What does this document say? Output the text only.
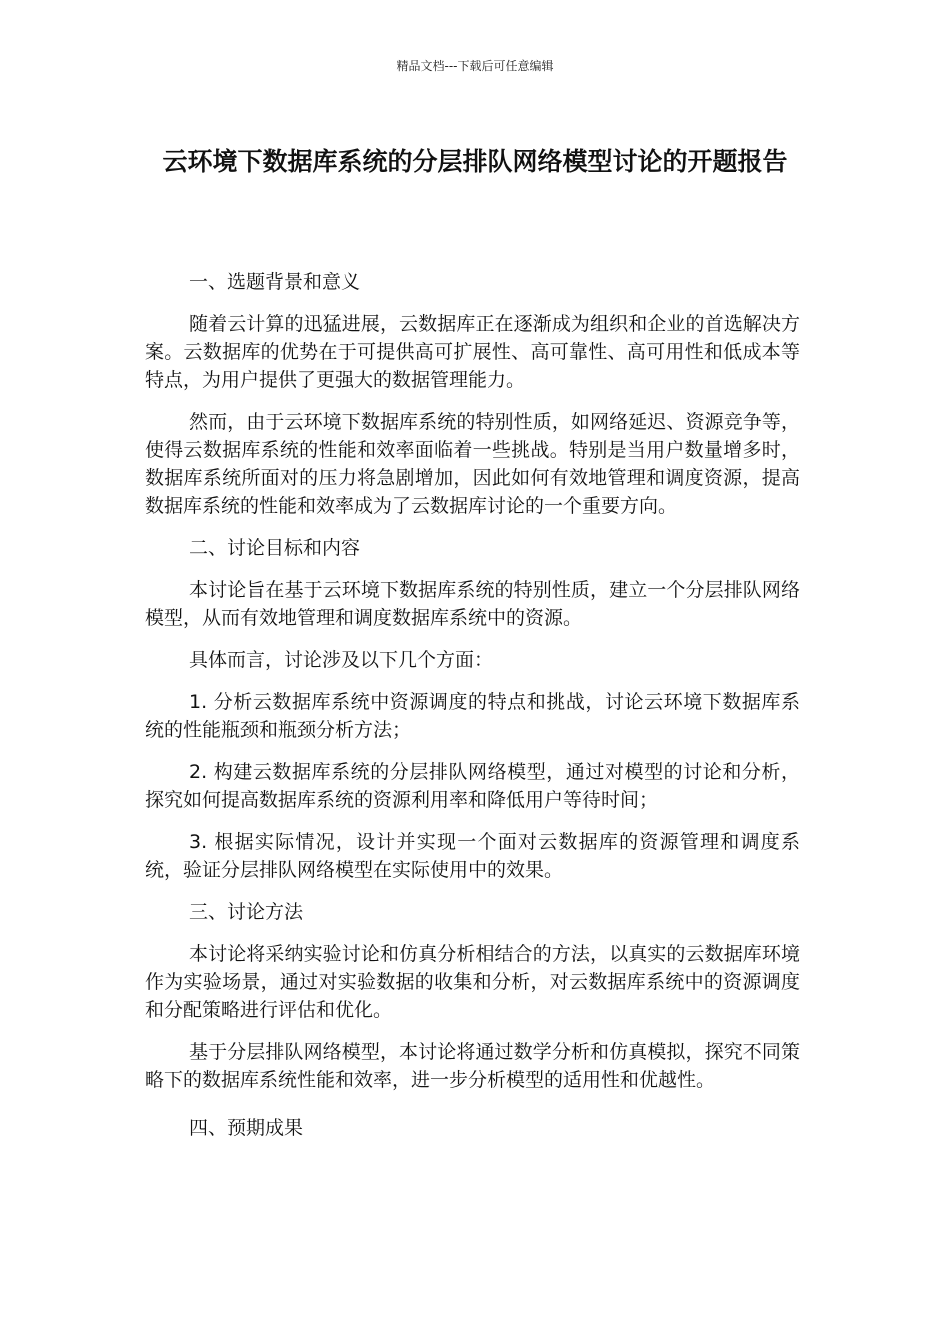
精品文档---下载后可任意编辑
云环境下数据库系统的分层排队网络模型讨论的开题报告

一、选题背景和意义

随着云计算的迅猛进展，云数据库正在逐渐成为组织和企业的首选解决方案。云数据库的优势在于可提供高可扩展性、高可靠性、高可用性和低成本等特点，为用户提供了更强大的数据管理能力。

然而，由于云环境下数据库系统的特别性质，如网络延迟、资源竞争等，使得云数据库系统的性能和效率面临着一些挑战。特别是当用户数量增多时，数据库系统所面对的压力将急剧增加，因此如何有效地管理和调度资源，提高数据库系统的性能和效率成为了云数据库讨论的一个重要方向。

二、讨论目标和内容

本讨论旨在基于云环境下数据库系统的特别性质，建立一个分层排队网络模型，从而有效地管理和调度数据库系统中的资源。

具体而言，讨论涉及以下几个方面：

1. 分析云数据库系统中资源调度的特点和挑战，讨论云环境下数据库系统的性能瓶颈和瓶颈分析方法；

2. 构建云数据库系统的分层排队网络模型，通过对模型的讨论和分析，探究如何提高数据库系统的资源利用率和降低用户等待时间；

3. 根据实际情况，设计并实现一个面对云数据库的资源管理和调度系统，验证分层排队网络模型在实际使用中的效果。

三、讨论方法

本讨论将采纳实验讨论和仿真分析相结合的方法，以真实的云数据库环境作为实验场景，通过对实验数据的收集和分析，对云数据库系统中的资源调度和分配策略进行评估和优化。

基于分层排队网络模型，本讨论将通过数学分析和仿真模拟，探究不同策略下的数据库系统性能和效率，进一步分析模型的适用性和优越性。

四、预期成果
